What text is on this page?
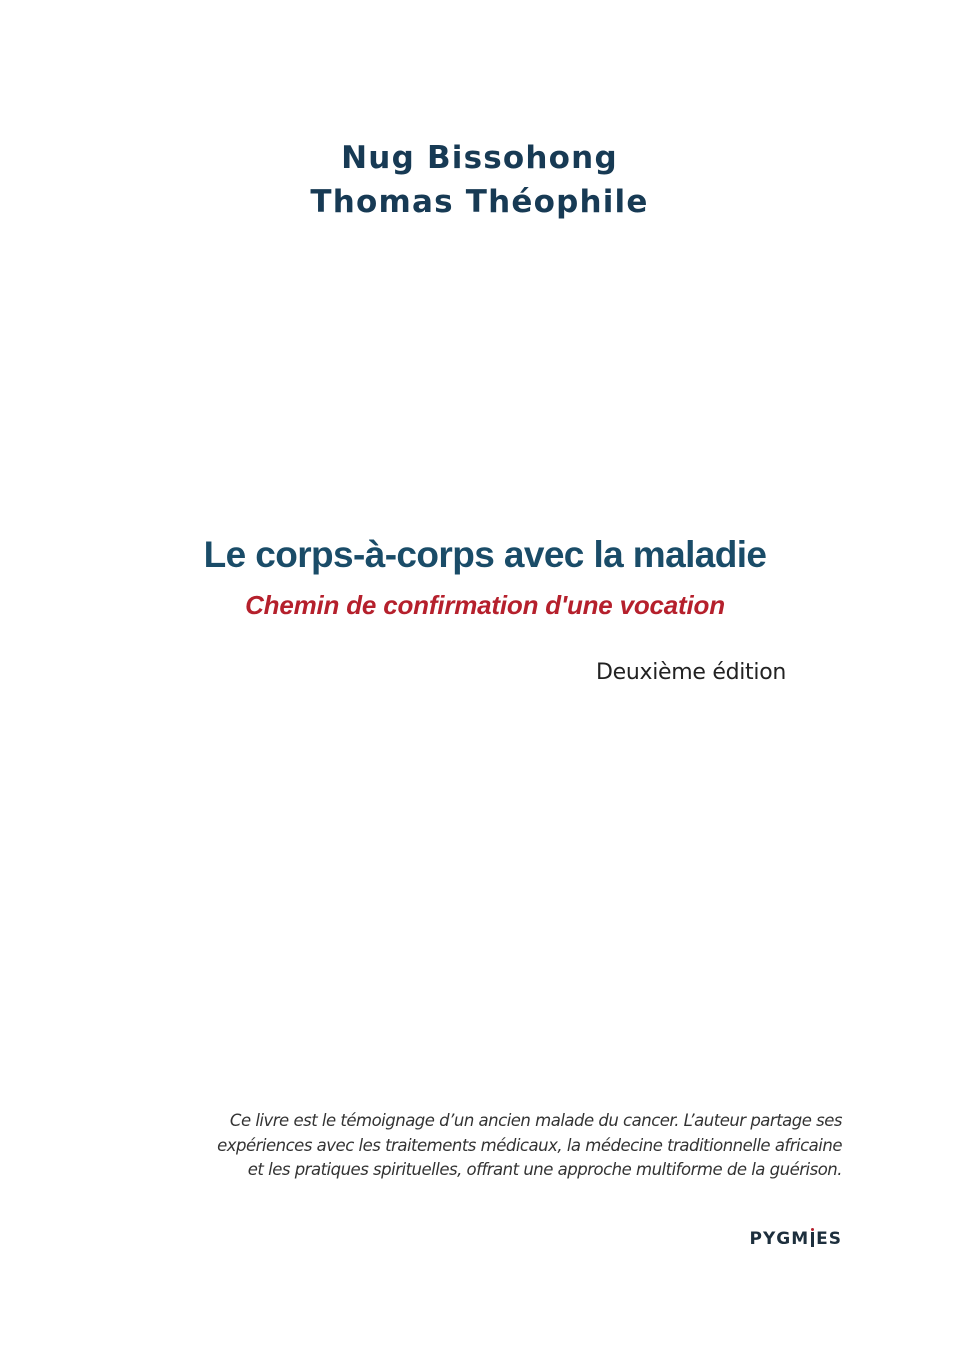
Nug Bissohong
Thomas Théophile
Le corps-à-corps avec la maladie
Chemin de confirmation d'une vocation
Deuxième édition
Ce livre est le témoignage d’un ancien malade du cancer. L’auteur partage ses
expériences avec les traitements médicaux, la médecine traditionnelle africaine
et les pratiques spirituelles, offrant une approche multiforme de la guérison.
PYGM ES
